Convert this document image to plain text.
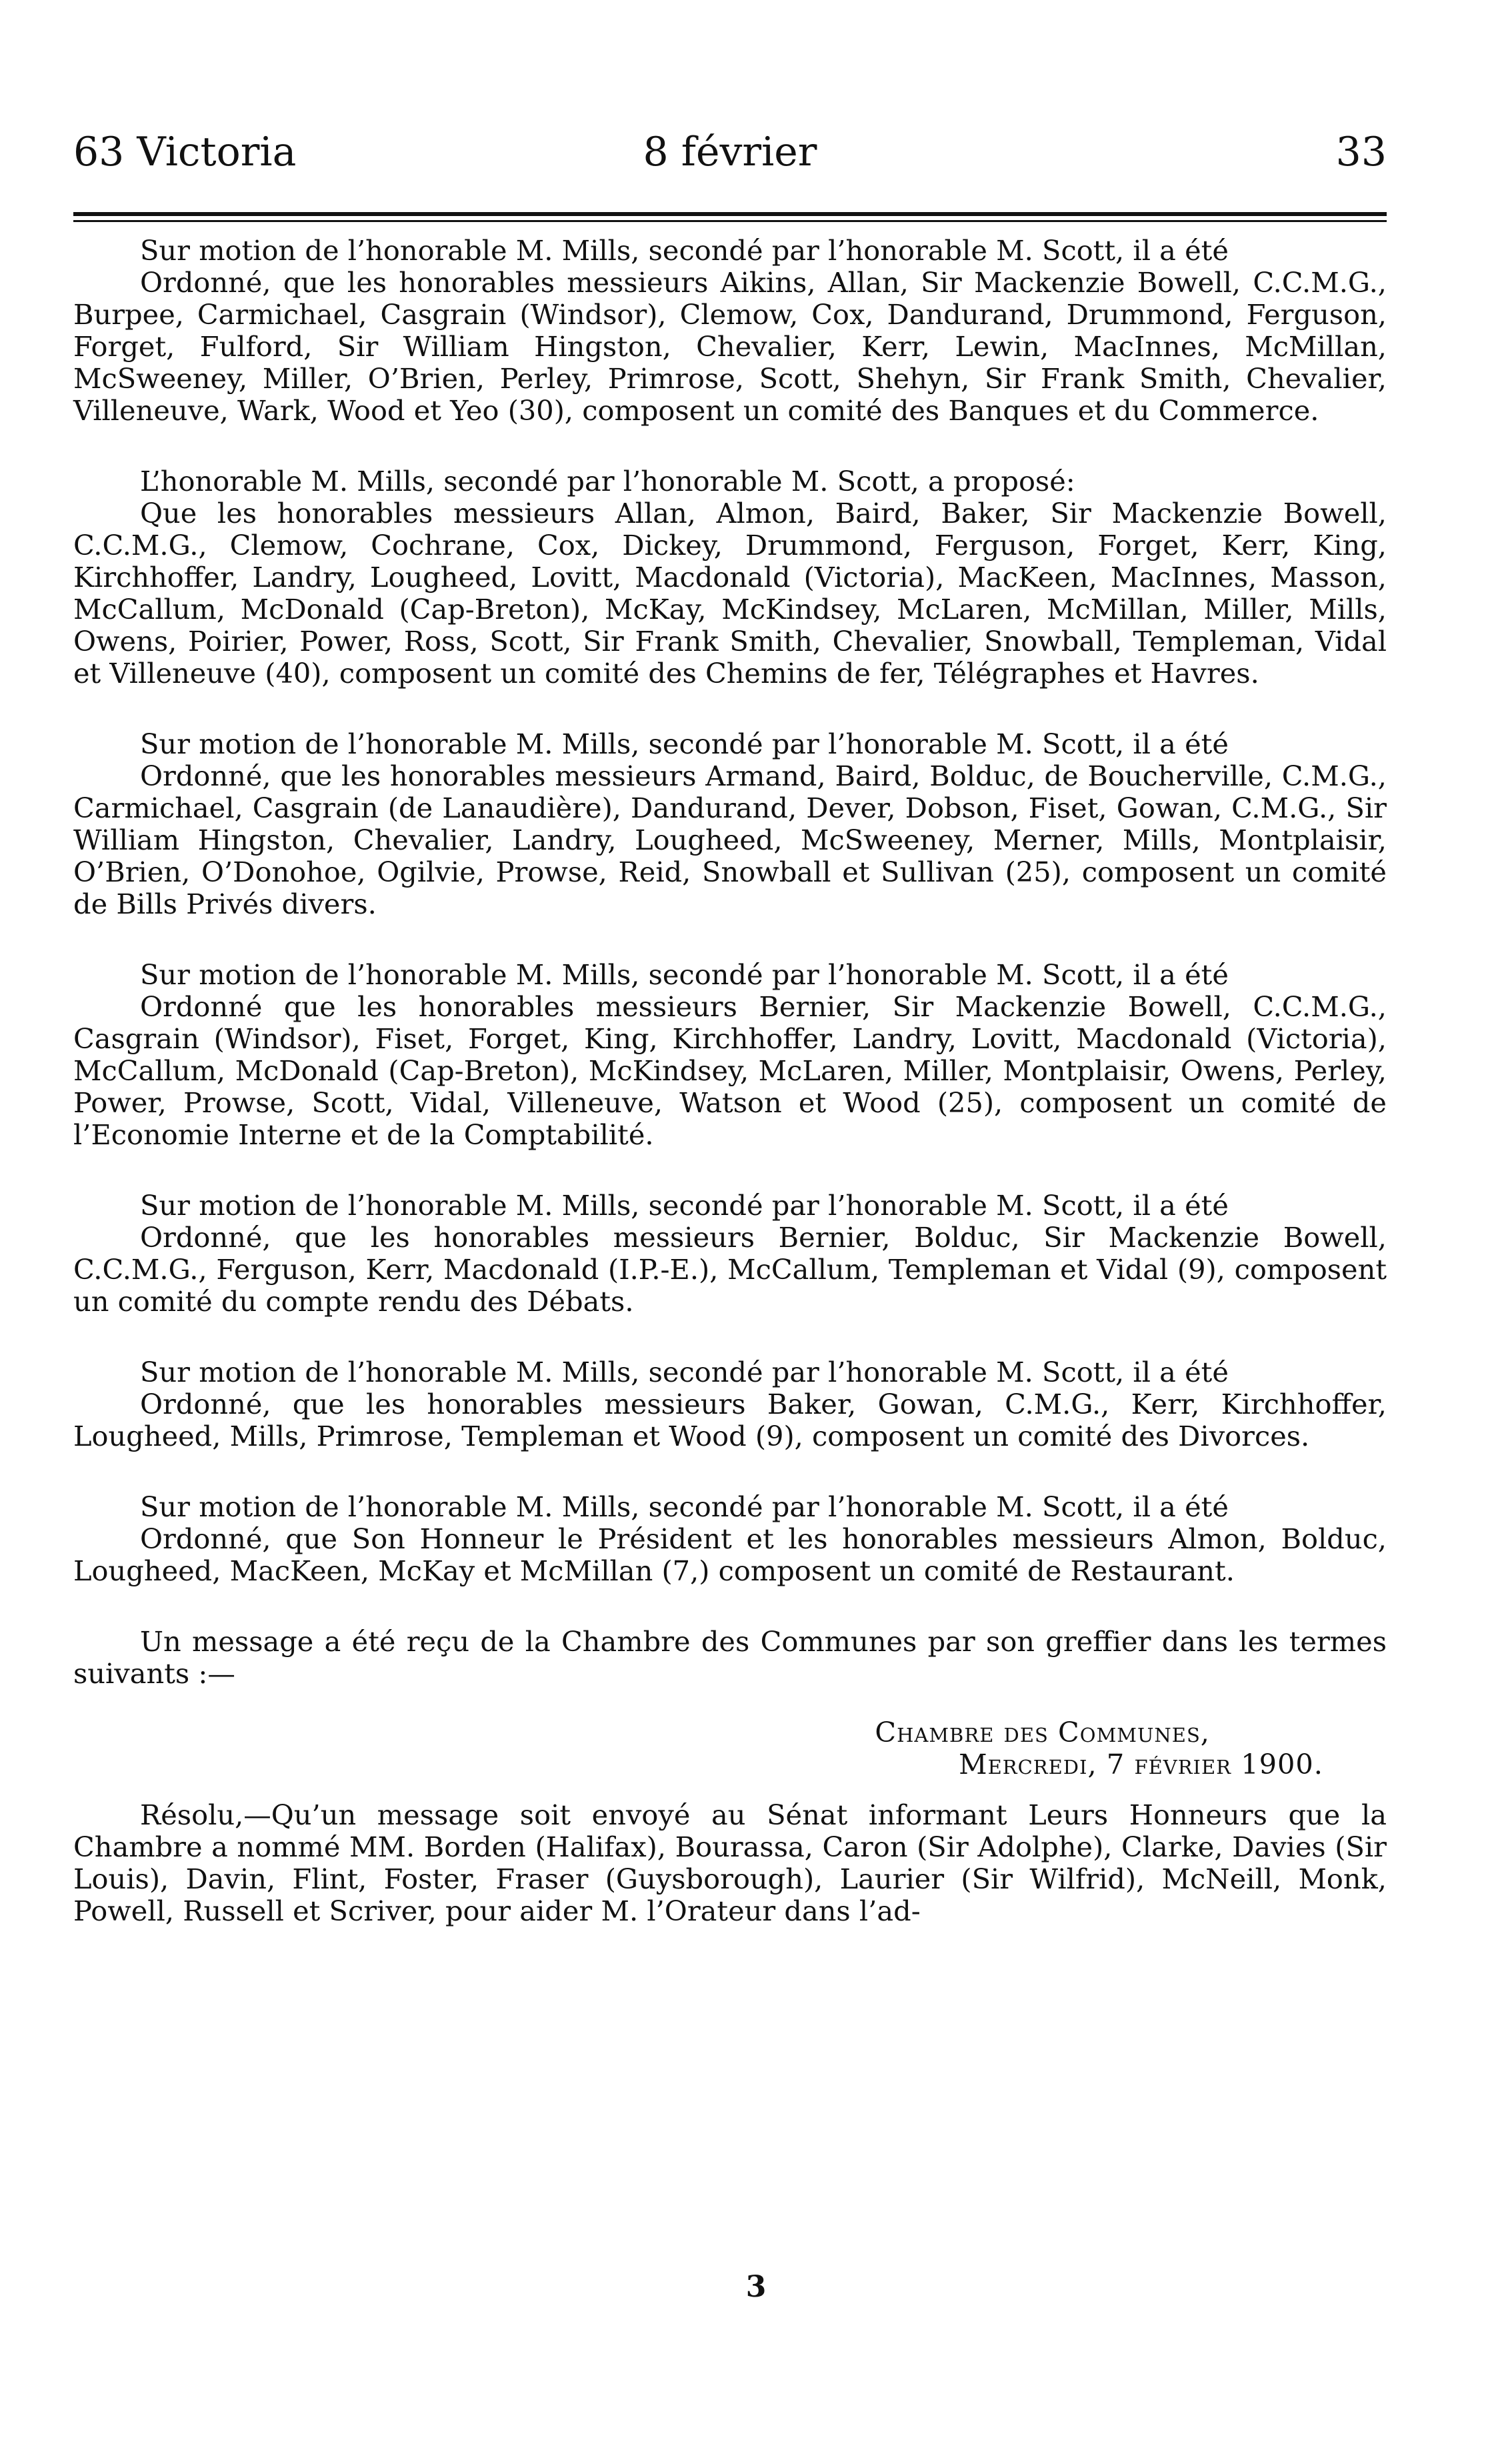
63 Victoria	8 février	33
Sur motion de l’honorable M. Mills, secondé par l’honorable M. Scott, il a été
Ordonné, que les honorables messieurs Aikins, Allan, Sir Mackenzie Bowell, C.C.M.G., Burpee, Carmichael, Casgrain (Windsor), Clemow, Cox, Dandurand, Drummond, Ferguson, Forget, Fulford, Sir William Hingston, Chevalier, Kerr, Lewin, MacInnes, McMillan, McSweeney, Miller, O’Brien, Perley, Primrose, Scott, Shehyn, Sir Frank Smith, Chevalier, Villeneuve, Wark, Wood et Yeo (30), composent un comité des Banques et du Commerce.
L’honorable M. Mills, secondé par l’honorable M. Scott, a proposé:
Que les honorables messieurs Allan, Almon, Baird, Baker, Sir Mackenzie Bowell, C.C.M.G., Clemow, Cochrane, Cox, Dickey, Drummond, Ferguson, Forget, Kerr, King, Kirchhoffer, Landry, Lougheed, Lovitt, Macdonald (Victoria), MacKeen, MacInnes, Masson, McCallum, McDonald (Cap-Breton), McKay, McKindsey, McLaren, McMillan, Miller, Mills, Owens, Poirier, Power, Ross, Scott, Sir Frank Smith, Chevalier, Snowball, Templeman, Vidal et Villeneuve (40), composent un comité des Chemins de fer, Télégraphes et Havres.
Sur motion de l’honorable M. Mills, secondé par l’honorable M. Scott, il a été
Ordonné, que les honorables messieurs Armand, Baird, Bolduc, de Boucherville, C.M.G., Carmichael, Casgrain (de Lanaudière), Dandurand, Dever, Dobson, Fiset, Gowan, C.M.G., Sir William Hingston, Chevalier, Landry, Lougheed, McSweeney, Merner, Mills, Montplaisir, O’Brien, O’Donohoe, Ogilvie, Prowse, Reid, Snowball et Sullivan (25), composent un comité de Bills Privés divers.
Sur motion de l’honorable M. Mills, secondé par l’honorable M. Scott, il a été
Ordonné que les honorables messieurs Bernier, Sir Mackenzie Bowell, C.C.M.G., Casgrain (Windsor), Fiset, Forget, King, Kirchhoffer, Landry, Lovitt, Macdonald (Victoria), McCallum, McDonald (Cap-Breton), McKindsey, McLaren, Miller, Montplaisir, Owens, Perley, Power, Prowse, Scott, Vidal, Villeneuve, Watson et Wood (25), composent un comité de l’Economie Interne et de la Comptabilité.
Sur motion de l’honorable M. Mills, secondé par l’honorable M. Scott, il a été
Ordonné, que les honorables messieurs Bernier, Bolduc, Sir Mackenzie Bowell, C.C.M.G., Ferguson, Kerr, Macdonald (I.P.-E.), McCallum, Templeman et Vidal (9), composent un comité du compte rendu des Débats.
Sur motion de l’honorable M. Mills, secondé par l’honorable M. Scott, il a été
Ordonné, que les honorables messieurs Baker, Gowan, C.M.G., Kerr, Kirchhoffer, Lougheed, Mills, Primrose, Templeman et Wood (9), composent un comité des Divorces.
Sur motion de l’honorable M. Mills, secondé par l’honorable M. Scott, il a été
Ordonné, que Son Honneur le Président et les honorables messieurs Almon, Bolduc, Lougheed, MacKeen, McKay et McMillan (7,) composent un comité de Restaurant.
Un message a été reçu de la Chambre des Communes par son greffier dans les termes suivants :—
Chambre des Communes,
Mercredi, 7 février 1900.
Résolu,—Qu’un message soit envoyé au Sénat informant Leurs Honneurs que la Chambre a nommé MM. Borden (Halifax), Bourassa, Caron (Sir Adolphe), Clarke, Davies (Sir Louis), Davin, Flint, Foster, Fraser (Guysborough), Laurier (Sir Wilfrid), McNeill, Monk, Powell, Russell et Scriver, pour aider M. l’Orateur dans l’ad-
3
